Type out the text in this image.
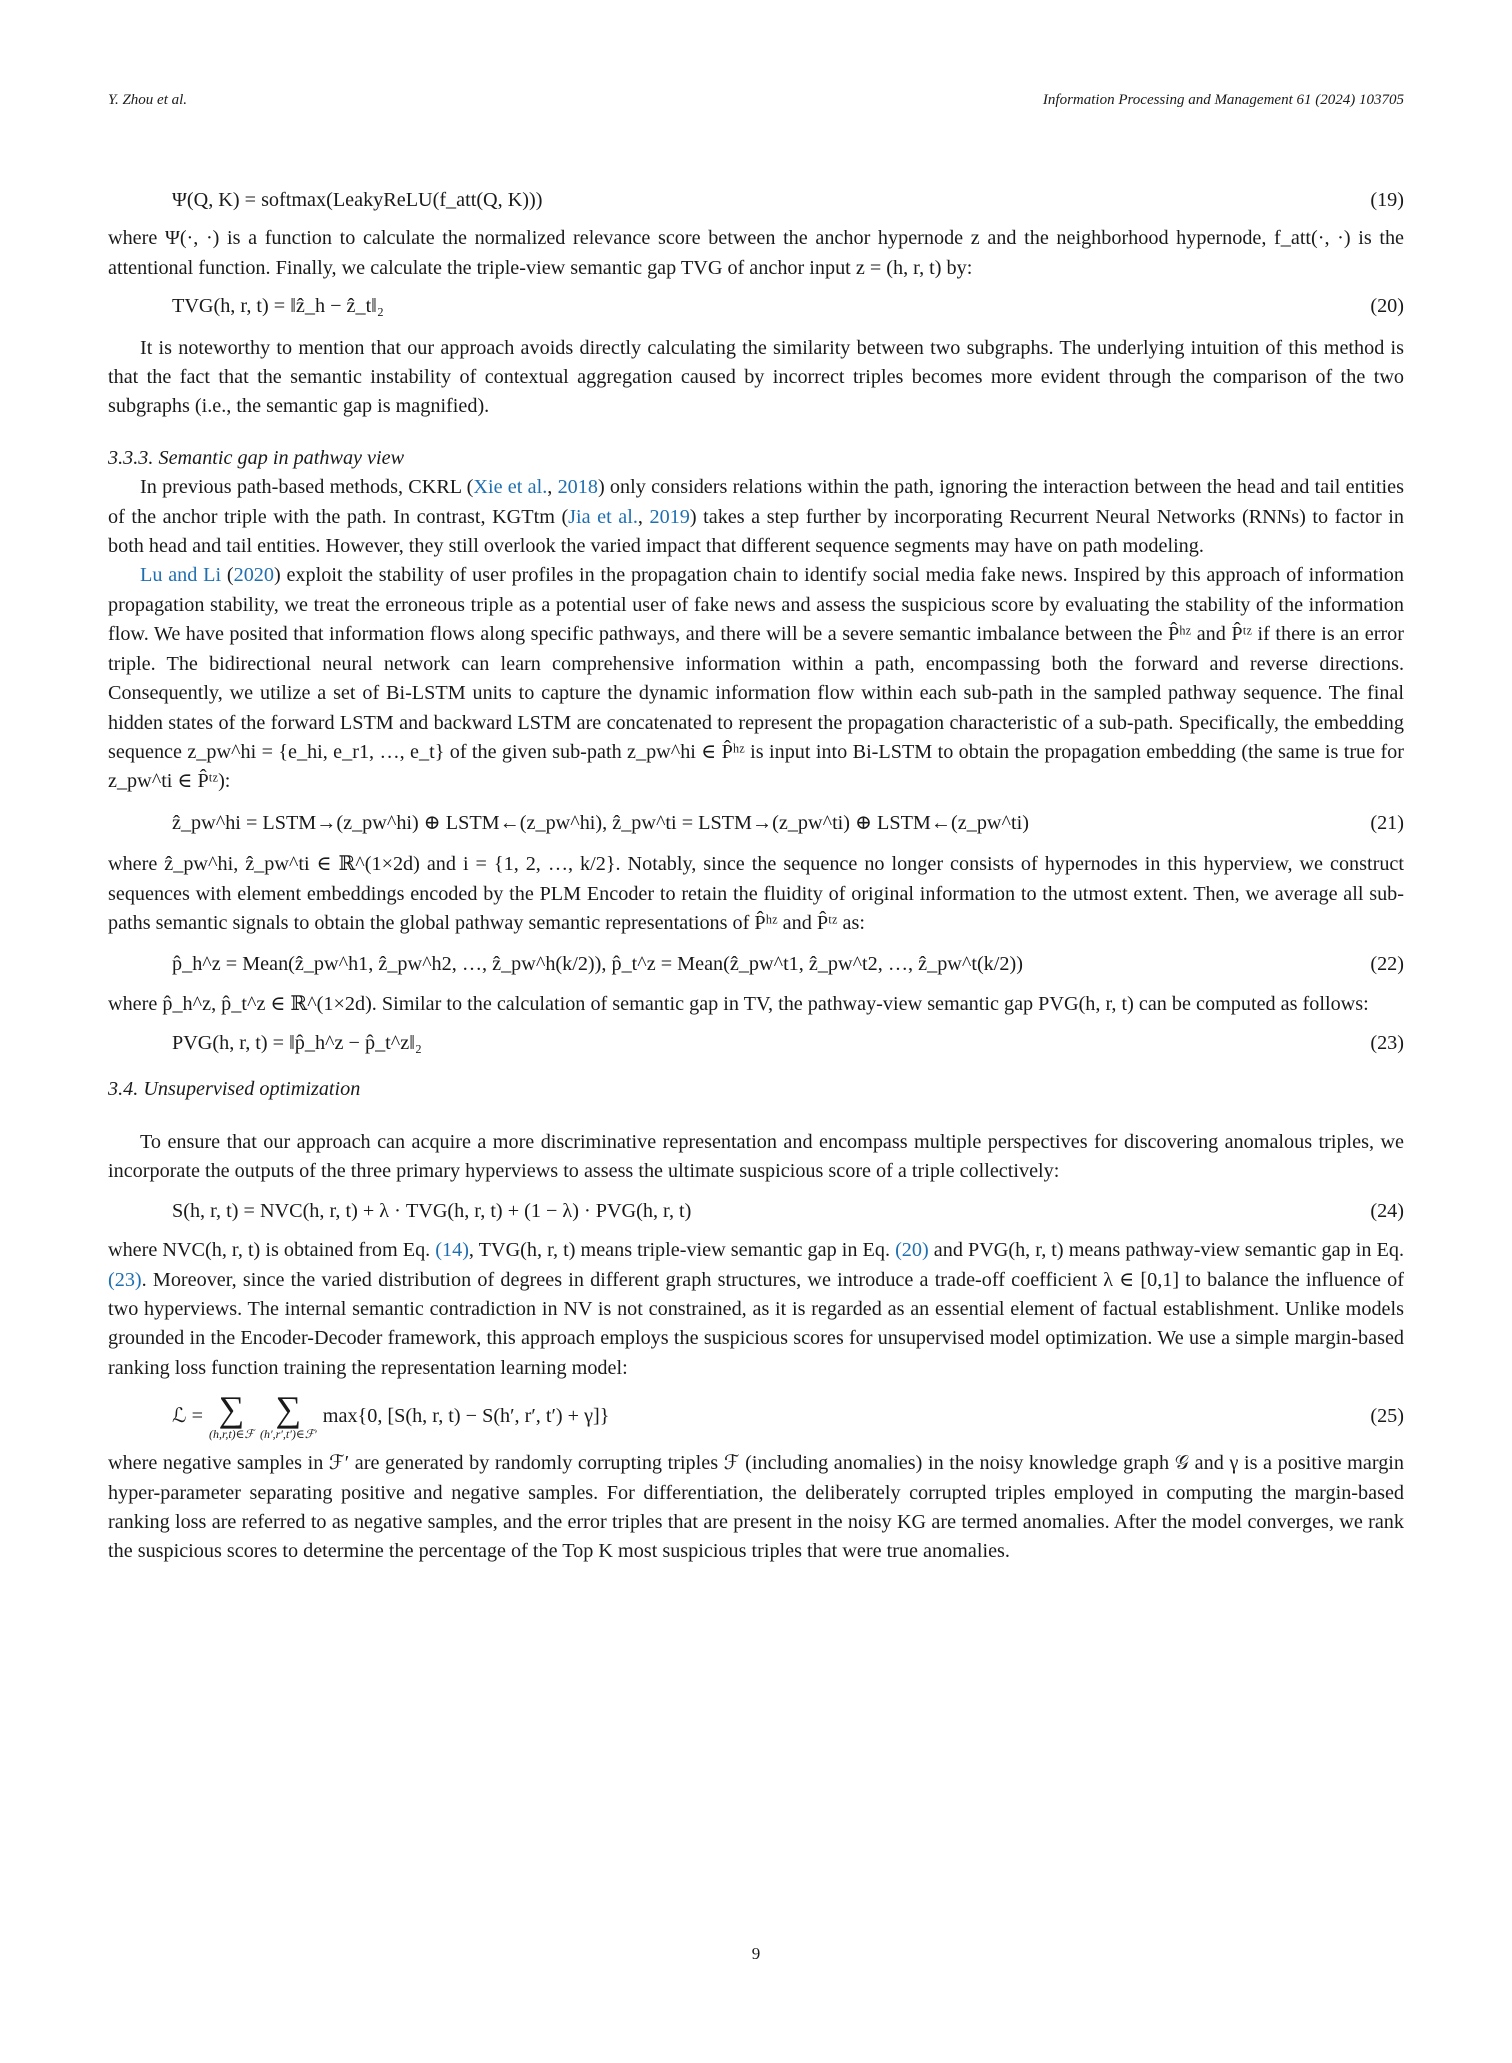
Y. Zhou et al.	Information Processing and Management 61 (2024) 103705
Ψ(Q, K) = softmax(LeakyReLU(f_att(Q, K)))	(19)

where Ψ(·, ·) is a function to calculate the normalized relevance score between the anchor hypernode z and the neighborhood hypernode, f_att(·, ·) is the attentional function. Finally, we calculate the triple-view semantic gap TVG of anchor input z = (h, r, t) by:

TVG(h, r, t) = ‖ẑ_h − ẑ_t‖₂	(20)

It is noteworthy to mention that our approach avoids directly calculating the similarity between two subgraphs. The underlying intuition of this method is that the fact that the semantic instability of contextual aggregation caused by incorrect triples becomes more evident through the comparison of the two subgraphs (i.e., the semantic gap is magnified).

3.3.3. Semantic gap in pathway view

In previous path-based methods, CKRL (Xie et al., 2018) only considers relations within the path, ignoring the interaction between the head and tail entities of the anchor triple with the path. In contrast, KGTtm (Jia et al., 2019) takes a step further by incorporating Recurrent Neural Networks (RNNs) to factor in both head and tail entities. However, they still overlook the varied impact that different sequence segments may have on path modeling.

Lu and Li (2020) exploit the stability of user profiles in the propagation chain to identify social media fake news. Inspired by this approach of information propagation stability, we treat the erroneous triple as a potential user of fake news and assess the suspicious score by evaluating the stability of the information flow. We have posited that information flows along specific pathways, and there will be a severe semantic imbalance between the P̂ʰᶻ and P̂ᵗᶻ if there is an error triple. The bidirectional neural network can learn comprehensive information within a path, encompassing both the forward and reverse directions. Consequently, we utilize a set of Bi-LSTM units to capture the dynamic information flow within each sub-path in the sampled pathway sequence. The final hidden states of the forward LSTM and backward LSTM are concatenated to represent the propagation characteristic of a sub-path. Specifically, the embedding sequence z_pw^hi = {e_hi, e_r1, …, e_t} of the given sub-path z_pw^hi ∈ P̂ʰᶻ is input into Bi-LSTM to obtain the propagation embedding (the same is true for z_pw^ti ∈ P̂ᵗᶻ):

ẑ_pw^hi = LSTM→(z_pw^hi) ⊕ LSTM←(z_pw^hi), ẑ_pw^ti = LSTM→(z_pw^ti) ⊕ LSTM←(z_pw^ti)	(21)

where ẑ_pw^hi, ẑ_pw^ti ∈ ℝ^(1×2d) and i = {1, 2, …, k/2}. Notably, since the sequence no longer consists of hypernodes in this hyperview, we construct sequences with element embeddings encoded by the PLM Encoder to retain the fluidity of original information to the utmost extent. Then, we average all sub-paths semantic signals to obtain the global pathway semantic representations of P̂ʰᶻ and P̂ᵗᶻ as:

p̂_h^z = Mean(ẑ_pw^h1, ẑ_pw^h2, …, ẑ_pw^h(k/2)), p̂_t^z = Mean(ẑ_pw^t1, ẑ_pw^t2, …, ẑ_pw^t(k/2))	(22)

where p̂_h^z, p̂_t^z ∈ ℝ^(1×2d). Similar to the calculation of semantic gap in TV, the pathway-view semantic gap PVG(h, r, t) can be computed as follows:

PVG(h, r, t) = ‖p̂_h^z − p̂_t^z‖₂	(23)
3.4. Unsupervised optimization

To ensure that our approach can acquire a more discriminative representation and encompass multiple perspectives for discovering anomalous triples, we incorporate the outputs of the three primary hyperviews to assess the ultimate suspicious score of a triple collectively:

S(h, r, t) = NVC(h, r, t) + λ · TVG(h, r, t) + (1 − λ) · PVG(h, r, t)	(24)

where NVC(h, r, t) is obtained from Eq. (14), TVG(h, r, t) means triple-view semantic gap in Eq. (20) and PVG(h, r, t) means pathway-view semantic gap in Eq. (23). Moreover, since the varied distribution of degrees in different graph structures, we introduce a trade-off coefficient λ ∈ [0,1] to balance the influence of two hyperviews. The internal semantic contradiction in NV is not constrained, as it is regarded as an essential element of factual establishment. Unlike models grounded in the Encoder-Decoder framework, this approach employs the suspicious scores for unsupervised model optimization. We use a simple margin-based ranking loss function training the representation learning model:

ℒ = ∑
(h,r,t)∈ℱ
∑
(h′,r′,t′)∈ℱ′
max{0, [S(h, r, t) − S(h′, r′, t′) + γ]}	(25)

where negative samples in ℱ′ are generated by randomly corrupting triples ℱ (including anomalies) in the noisy knowledge graph 𝒢 and γ is a positive margin hyper-parameter separating positive and negative samples. For differentiation, the deliberately corrupted triples employed in computing the margin-based ranking loss are referred to as negative samples, and the error triples that are present in the noisy KG are termed anomalies. After the model converges, we rank the suspicious scores to determine the percentage of the Top K most suspicious triples that were true anomalies.

9
